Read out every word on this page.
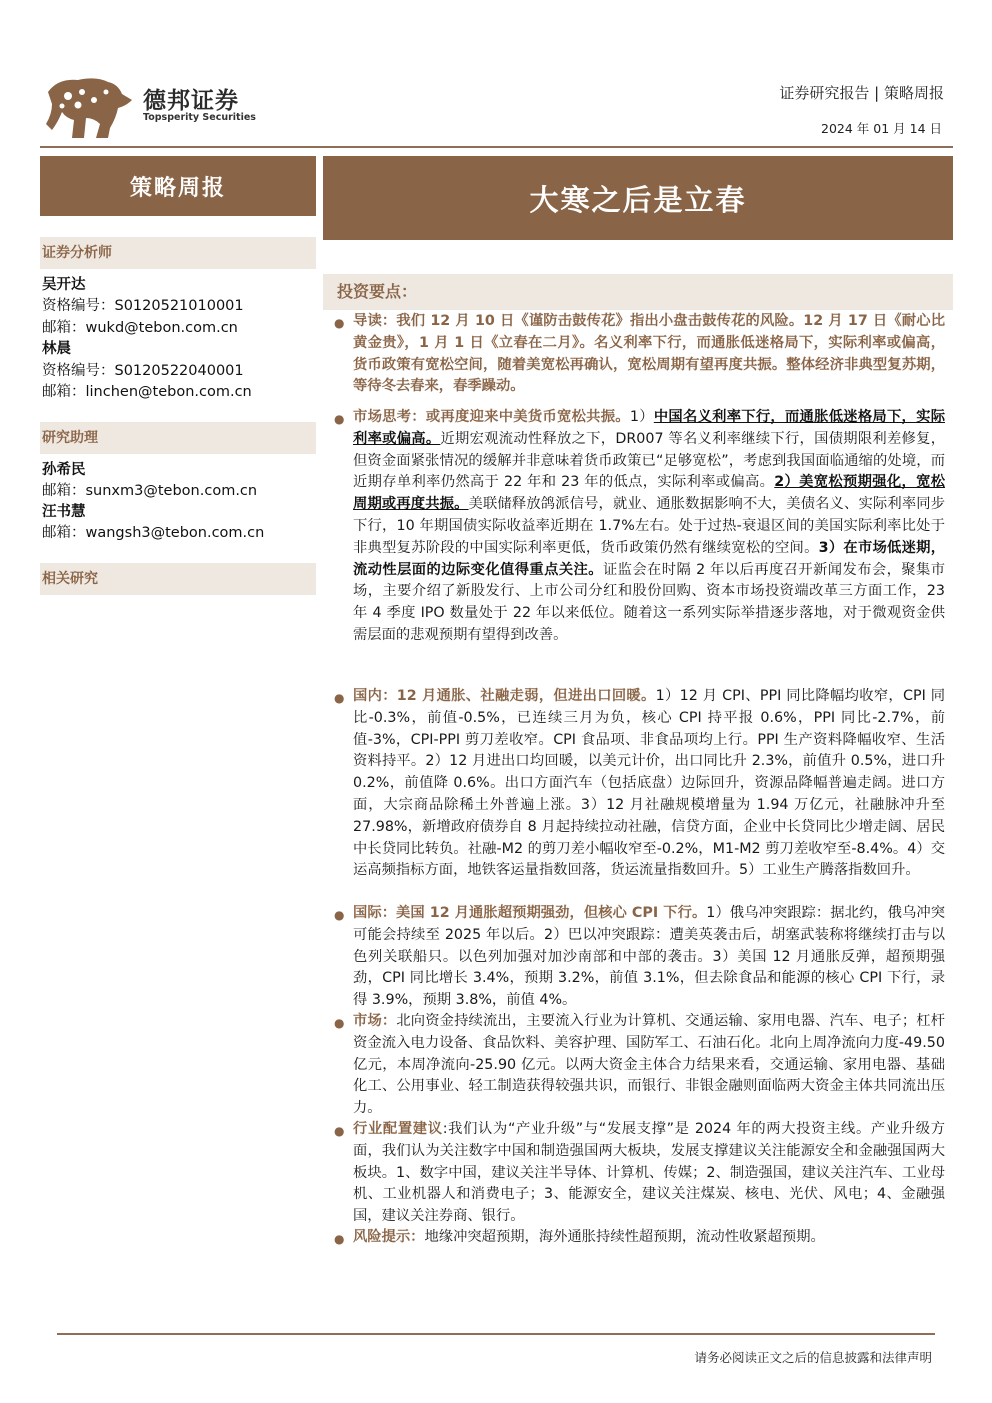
德邦证券
Topsperity Securities
证券研究报告 | 策略周报
2024 年 01 月 14 日
策略周报	大寒之后是立春
证券分析师
吴开达
资格编号：S0120521010001
邮箱：wukd@tebon.com.cn
林晨
资格编号：S0120522040001
邮箱：linchen@tebon.com.cn
研究助理
孙希民
邮箱：sunxm3@tebon.com.cn
汪书慧
邮箱：wangsh3@tebon.com.cn
相关研究
投资要点：
● 导读：我们 12 月 10 日《谨防击鼓传花》指出小盘击鼓传花的风险。12 月 17 日《耐心比黄金贵》，1 月 1 日《立春在二月》。名义利率下行，而通胀低迷格局下，实际利率或偏高，货币政策有宽松空间，随着美宽松再确认，宽松周期有望再度共振。整体经济非典型复苏期，等待冬去春来，春季躁动。
● 市场思考：或再度迎来中美货币宽松共振。1）中国名义利率下行，而通胀低迷格局下，实际利率或偏高。近期宏观流动性释放之下，DR007 等名义利率继续下行，国债期限利差修复，但资金面紧张情况的缓解并非意味着货币政策已“足够宽松”，考虑到我国面临通缩的处境，而近期存单利率仍然高于 22 年和 23 年的低点，实际利率或偏高。2）美宽松预期强化，宽松周期或再度共振。美联储释放鸽派信号，就业、通胀数据影响不大，美债名义、实际利率同步下行，10 年期国债实际收益率近期在 1.7%左右。处于过热-衰退区间的美国实际利率比处于非典型复苏阶段的中国实际利率更低，货币政策仍然有继续宽松的空间。3）在市场低迷期，流动性层面的边际变化值得重点关注。证监会在时隔 2 年以后再度召开新闻发布会，聚集市场，主要介绍了新股发行、上市公司分红和股份回购、资本市场投资端改革三方面工作，23 年 4 季度 IPO 数量处于 22 年以来低位。随着这一系列实际举措逐步落地，对于微观资金供需层面的悲观预期有望得到改善。
● 国内：12 月通胀、社融走弱，但进出口回暖。1）12 月 CPI、PPI 同比降幅均收窄，CPI 同比-0.3%，前值-0.5%，已连续三月为负，核心 CPI 持平报 0.6%，PPI 同比-2.7%，前值-3%，CPI-PPI 剪刀差收窄。CPI 食品项、非食品项均上行。PPI 生产资料降幅收窄、生活资料持平。2）12 月进出口均回暖，以美元计价，出口同比升 2.3%，前值升 0.5%，进口升 0.2%，前值降 0.6%。出口方面汽车（包括底盘）边际回升，资源品降幅普遍走阔。进口方面，大宗商品除稀土外普遍上涨。3）12 月社融规模增量为 1.94 万亿元，社融脉冲升至 27.98%，新增政府债券自 8 月起持续拉动社融，信贷方面，企业中长贷同比少增走阔、居民中长贷同比转负。社融-M2 的剪刀差小幅收窄至-0.2%，M1-M2 剪刀差收窄至-8.4%。4）交运高频指标方面，地铁客运量指数回落，货运流量指数回升。5）工业生产腾落指数回升。
● 国际：美国 12 月通胀超预期强劲，但核心 CPI 下行。1）俄乌冲突跟踪：据北约，俄乌冲突可能会持续至 2025 年以后。2）巴以冲突跟踪：遭美英袭击后，胡塞武装称将继续打击与以色列关联船只。以色列加强对加沙南部和中部的袭击。3）美国 12 月通胀反弹，超预期强劲，CPI 同比增长 3.4%，预期 3.2%，前值 3.1%，但去除食品和能源的核心 CPI 下行，录得 3.9%，预期 3.8%，前值 4%。
● 市场：北向资金持续流出，主要流入行业为计算机、交通运输、家用电器、汽车、电子；杠杆资金流入电力设备、食品饮料、美容护理、国防军工、石油石化。北向上周净流向力度-49.50 亿元，本周净流向-25.90 亿元。以两大资金主体合力结果来看，交通运输、家用电器、基础化工、公用事业、轻工制造获得较强共识，而银行、非银金融则面临两大资金主体共同流出压力。
● 行业配置建议:我们认为“产业升级”与“发展支撑”是 2024 年的两大投资主线。产业升级方面，我们认为关注数字中国和制造强国两大板块，发展支撑建议关注能源安全和金融强国两大板块。1、数字中国，建议关注半导体、计算机、传媒；2、制造强国，建议关注汽车、工业母机、工业机器人和消费电子；3、能源安全，建议关注煤炭、核电、光伏、风电；4、金融强国，建议关注券商、银行。
● 风险提示：地缘冲突超预期，海外通胀持续性超预期，流动性收紧超预期。
请务必阅读正文之后的信息披露和法律声明
